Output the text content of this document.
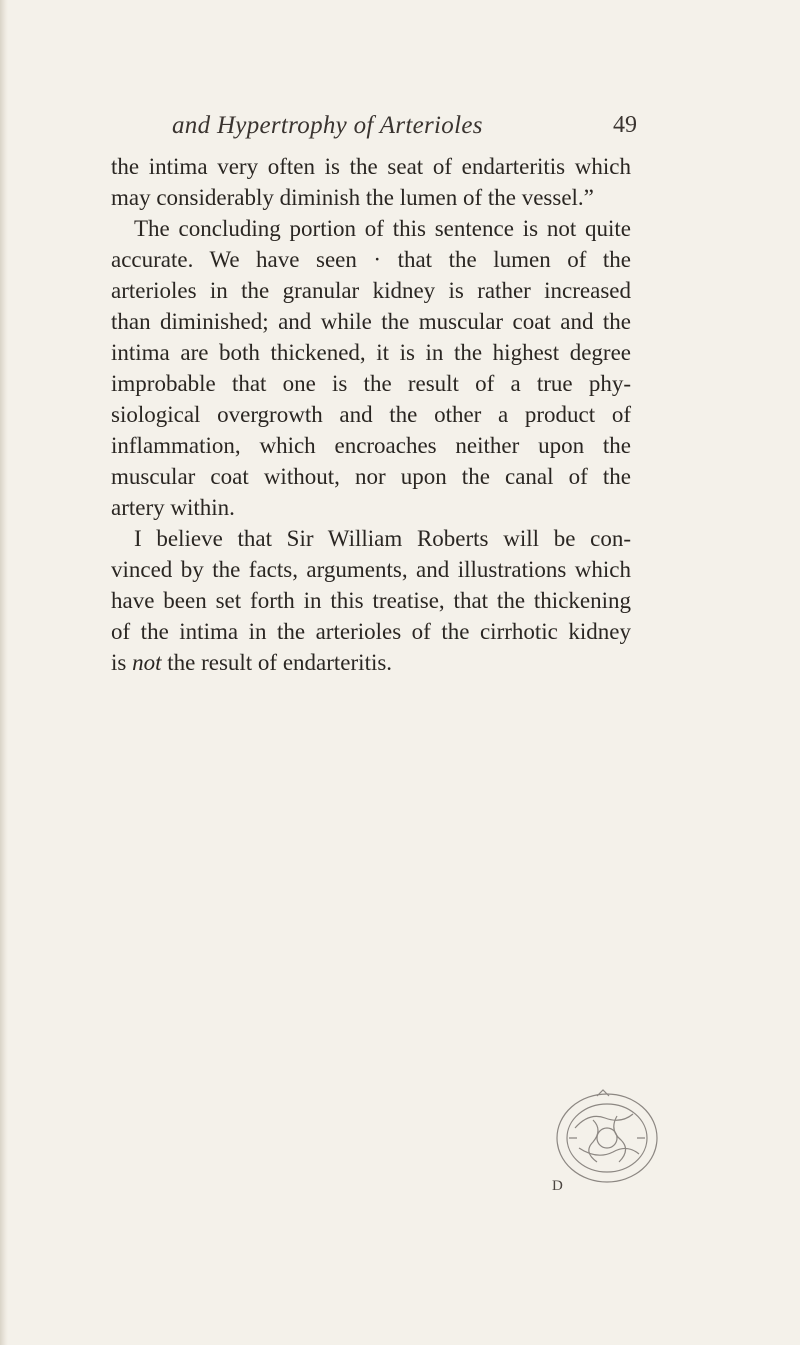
and Hypertrophy of Arterioles	49
the intima very often is the seat of endarteritis which
may considerably diminish the lumen of the vessel.”
The concluding portion of this sentence is not quite
accurate. We have seen · that the lumen of the
arterioles in the granular kidney is rather increased
than diminished; and while the muscular coat and the
intima are both thickened, it is in the highest degree
improbable that one is the result of a true phy-
siological overgrowth and the other a product of
inflammation, which encroaches neither upon the
muscular coat without, nor upon the canal of the
artery within.
I believe that Sir William Roberts will be con-
vinced by the facts, arguments, and illustrations which
have been set forth in this treatise, that the thickening
of the intima in the arterioles of the cirrhotic kidney
is not the result of endarteritis.
D
